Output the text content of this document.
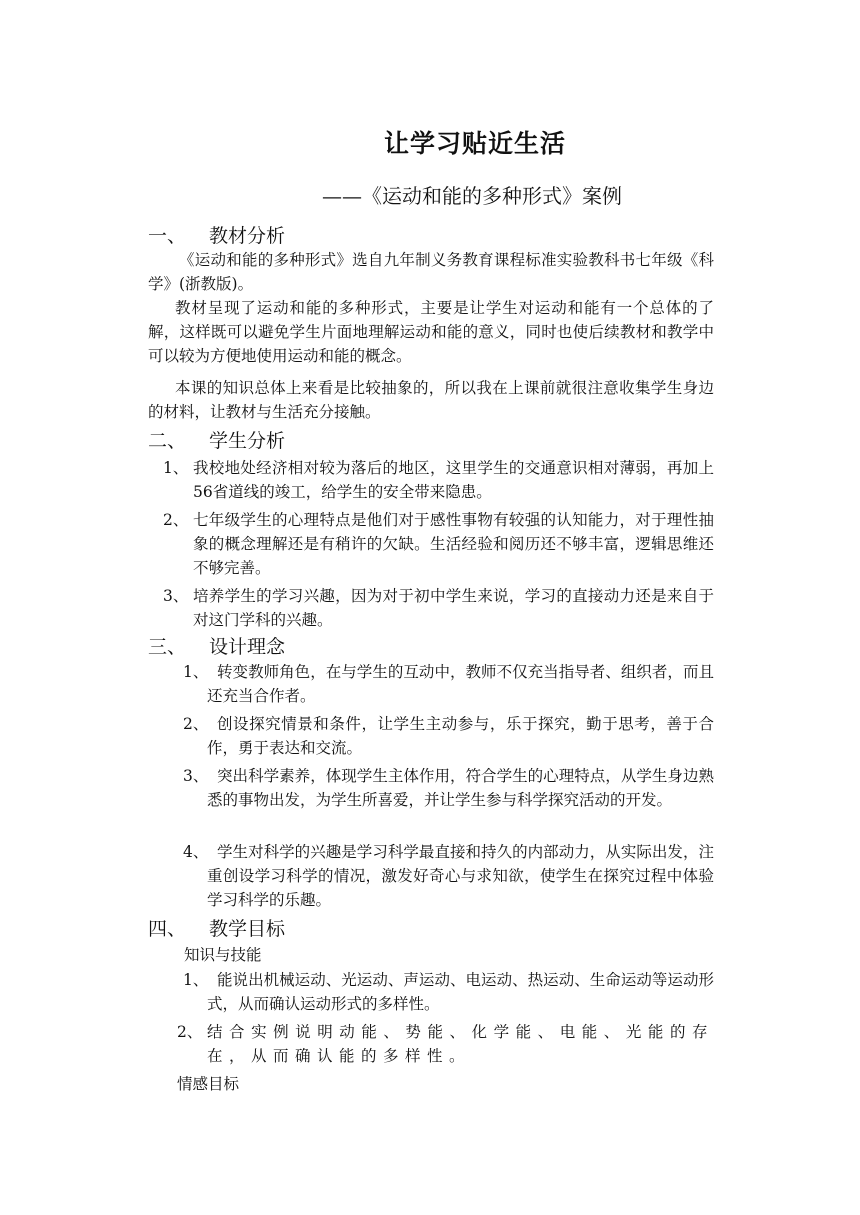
让学习贴近生活
——《运动和能的多种形式》案例
一、 教材分析
《运动和能的多种形式》选自九年制义务教育课程标准实验教科书七年级《科学》(浙教版)。
教材呈现了运动和能的多种形式，主要是让学生对运动和能有一个总体的了解，这样既可以避免学生片面地理解运动和能的意义，同时也使后续教材和教学中可以较为方便地使用运动和能的概念。
本课的知识总体上来看是比较抽象的，所以我在上课前就很注意收集学生身边的材料，让教材与生活充分接触。
二、 学生分析
1、 我校地处经济相对较为落后的地区，这里学生的交通意识相对薄弱，再加上56省道线的竣工，给学生的安全带来隐患。
2、 七年级学生的心理特点是他们对于感性事物有较强的认知能力，对于理性抽象的概念理解还是有稍许的欠缺。生活经验和阅历还不够丰富，逻辑思维还不够完善。
3、 培养学生的学习兴趣，因为对于初中学生来说，学习的直接动力还是来自于对这门学科的兴趣。
三、 设计理念
1、 转变教师角色，在与学生的互动中，教师不仅充当指导者、组织者，而且还充当合作者。
2、 创设探究情景和条件，让学生主动参与，乐于探究，勤于思考，善于合作，勇于表达和交流。
3、 突出科学素养，体现学生主体作用，符合学生的心理特点，从学生身边熟悉的事物出发，为学生所喜爱，并让学生参与科学探究活动的开发。
4、 学生对科学的兴趣是学习科学最直接和持久的内部动力，从实际出发，注重创设学习科学的情况，激发好奇心与求知欲，使学生在探究过程中体验学习科学的乐趣。
四、 教学目标
知识与技能
1、 能说出机械运动、光运动、声运动、电运动、热运动、生命运动等运动形式，从而确认运动形式的多样性。
2、 结合实例说明动能、势能、化学能、电能、光能的存在，从而确认能的多样性。
情感目标
